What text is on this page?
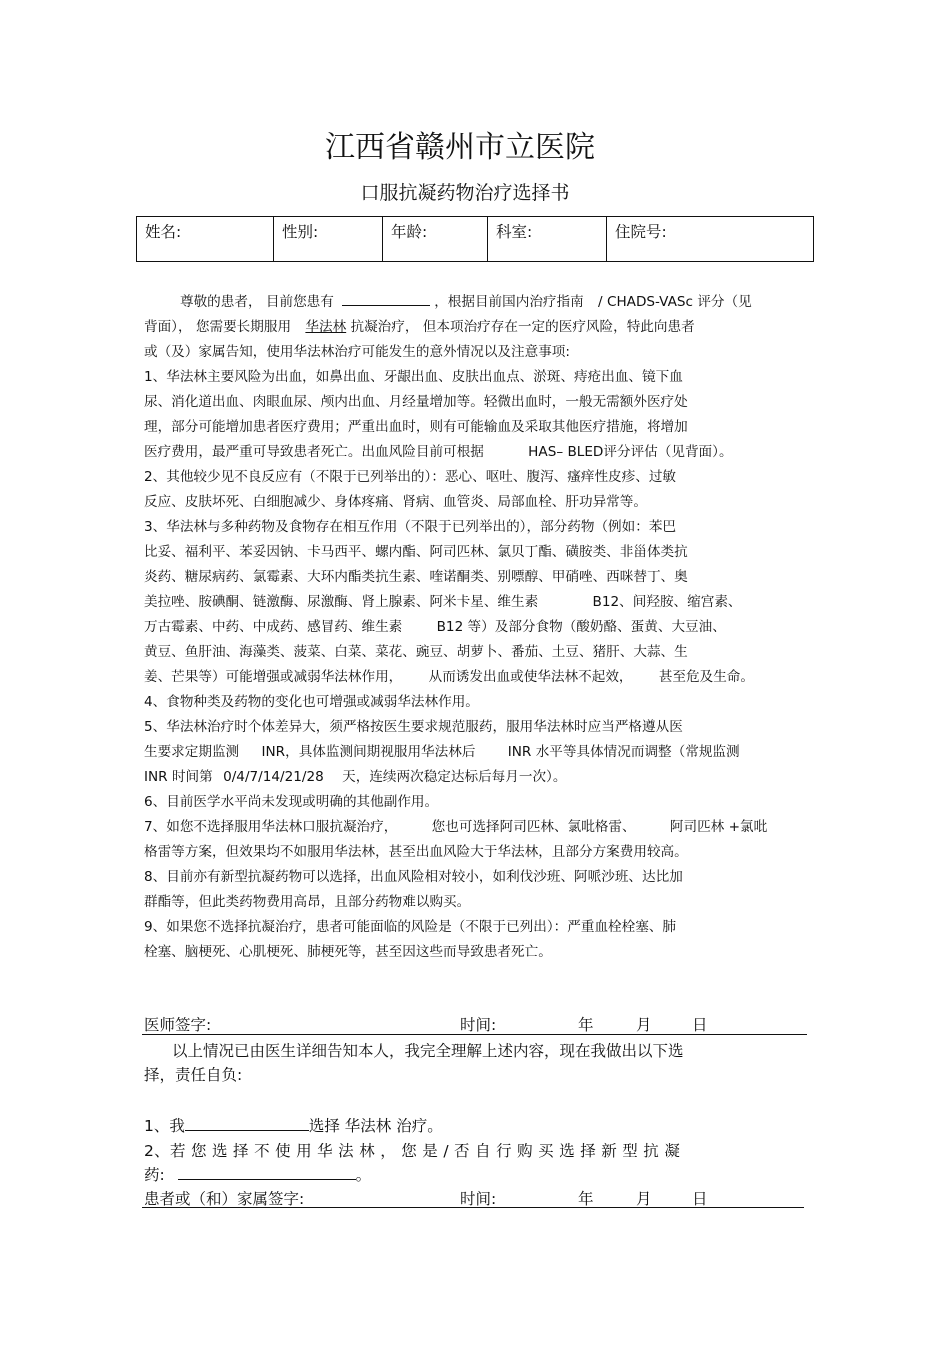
江西省赣州市立医院
口服抗凝药物治疗选择书
姓名:	性别:	年龄:	科室:	住院号:
尊敬的患者， 目前您患有	，根据目前国内治疗指南 / CHADS-VASc 评分（见
背面）， 您需要长期服用 华法林 抗凝治疗， 但本项治疗存在一定的医疗风险，特此向患者
或（及）家属告知，使用华法林治疗可能发生的意外情况以及注意事项:
1、华法林主要风险为出血，如鼻出血、牙龈出血、皮肤出血点、淤斑、痔疮出血、镜下血
尿、消化道出血、肉眼血尿、颅内出血、月经量增加等。轻微出血时，一般无需额外医疗处
理，部分可能增加患者医疗费用；严重出血时，则有可能输血及采取其他医疗措施，将增加
医疗费用，最严重可导致患者死亡。出血风险目前可根据	HAS– BLED评分评估（见背面）。
2、其他较少见不良反应有（不限于已列举出的）：恶心、呕吐、腹泻、瘙痒性皮疹、过敏
反应、皮肤坏死、白细胞减少、身体疼痛、肾病、血管炎、局部血栓、肝功异常等。
3、华法林与多种药物及食物存在相互作用（不限于已列举出的），部分药物（例如：苯巴
比妥、福利平、苯妥因钠、卡马西平、螺内酯、阿司匹林、氯贝丁酯、磺胺类、非甾体类抗
炎药、糖尿病药、氯霉素、大环内酯类抗生素、喹诺酮类、别嘌醇、甲硝唑、西咪替丁、奥
美拉唑、胺碘酮、链激酶、尿激酶、肾上腺素、阿米卡星、维生素	B12、间羟胺、缩宫素、
万古霉素、中药、中成药、感冒药、维生素	B12 等）及部分食物（酸奶酪、蛋黄、大豆油、
黄豆、鱼肝油、海藻类、菠菜、白菜、菜花、豌豆、胡萝卜、番茄、土豆、猪肝、大蒜、生
姜、芒果等）可能增强或减弱华法林作用， 从而诱发出血或使华法林不起效， 甚至危及生命。
4、食物种类及药物的变化也可增强或减弱华法林作用。
5、华法林治疗时个体差异大，须严格按医生要求规范服药，服用华法林时应当严格遵从医
生要求定期监测 INR，具体监测间期视服用华法林后 INR 水平等具体情况而调整（常规监测
INR 时间第 0/4/7/14/21/28 天，连续两次稳定达标后每月一次）。
6、目前医学水平尚未发现或明确的其他副作用。
7、如您不选择服用华法林口服抗凝治疗，	您也可选择阿司匹林、氯吡格雷、	阿司匹林 +氯吡
格雷等方案，但效果均不如服用华法林，甚至出血风险大于华法林，且部分方案费用较高。
8、目前亦有新型抗凝药物可以选择，出血风险相对较小，如利伐沙班、阿哌沙班、达比加
群酯等，但此类药物费用高昂，且部分药物难以购买。
9、如果您不选择抗凝治疗，患者可能面临的风险是（不限于已列出）：严重血栓栓塞、肺
栓塞、脑梗死、心肌梗死、肺梗死等，甚至因这些而导致患者死亡。
医师签字:	时间:	年	月	日
以上情况已由医生详细告知本人，我完全理解上述内容，现在我做出以下选
择，责任自负:
1、我	选择 华法林 治疗。
2、若 您 选 择 不 使 用 华 法 林 ， 您 是 / 否 自 行 购 买 选 择 新 型 抗 凝
药:	。
患者或（和）家属签字:	时间:	年	月	日
